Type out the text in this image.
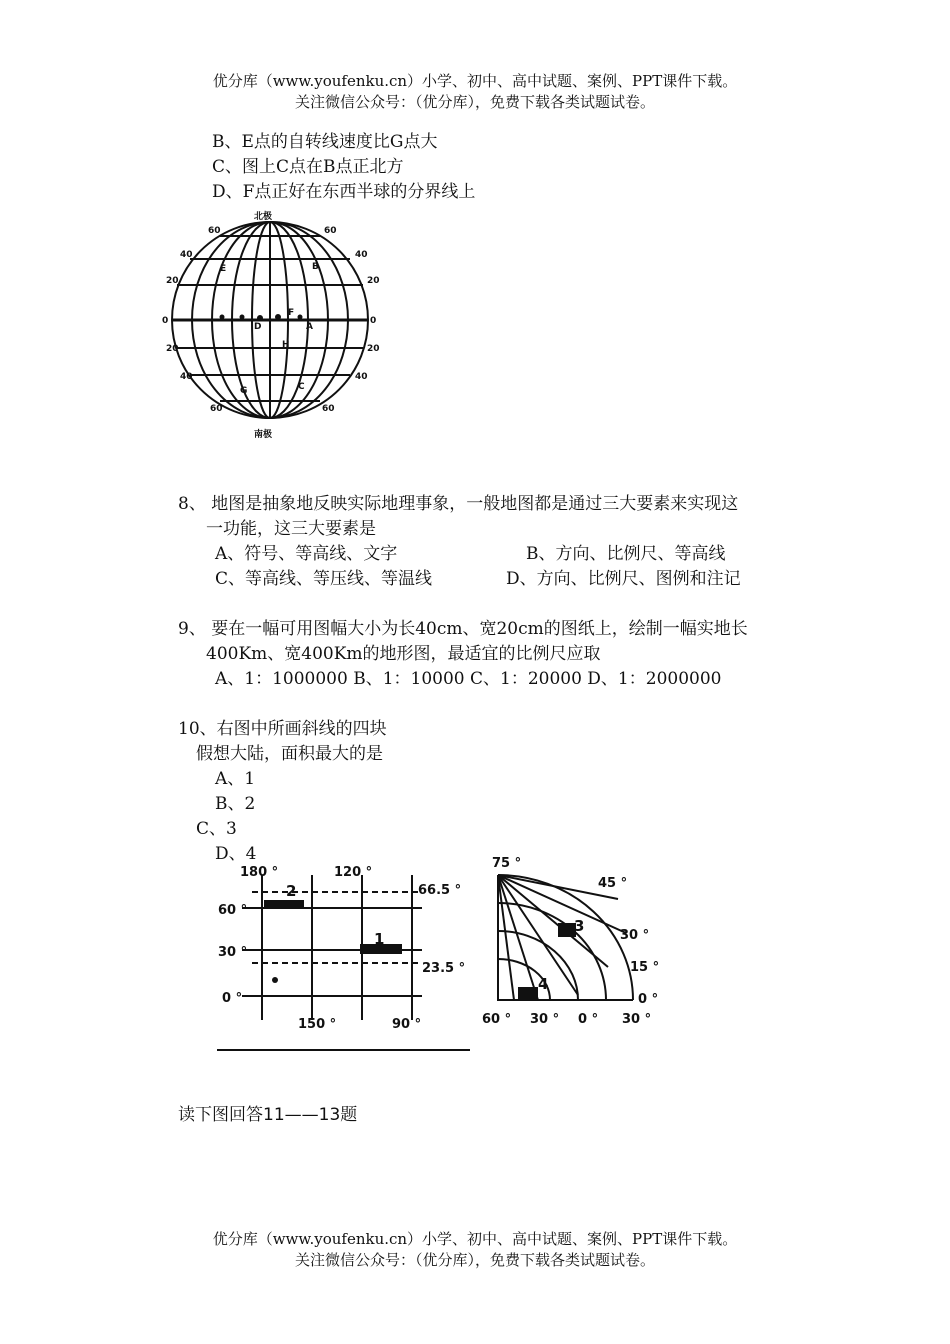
优分库（www.youfenku.cn）小学、初中、高中试题、案例、PPT课件下载。
关注微信公众号：（优分库），免费下载各类试题试卷。
B、E点的自转线速度比G点大
C、图上C点在B点正北方
D、F点正好在东西半球的分界线上
北极
南极
E	B
A
H
F
G	C
D
60
40
20
0
20
40
60
60
40
20
0
20
40
60
8、 地图是抽象地反映实际地理事象，一般地图都是通过三大要素来实现这
一功能，这三大要素是
A、符号、等高线、文字	B、方向、比例尺、等高线
C、等高线、等压线、等温线	D、方向、比例尺、图例和注记
9、 要在一幅可用图幅大小为长40cm、宽20cm的图纸上，绘制一幅实地长
400Km、宽400Km的地形图，最适宜的比例尺应取
A、1：1000000 B、1：10000 C、1：20000 D、1：2000000
10、右图中所画斜线的四块
假想大陆，面积最大的是
A、1
B、2
C、3
D、4
180 °	120 °
60 °
30 °
0 °
66.5 °
23.5 °
150 °	90 °
2
1
75 °
45 °
30 °
15 °
0 °
60 ° 30 ° 0 ° 30 °
3
4
读下图回答11——13题
优分库（www.youfenku.cn）小学、初中、高中试题、案例、PPT课件下载。
关注微信公众号：（优分库），免费下载各类试题试卷。
